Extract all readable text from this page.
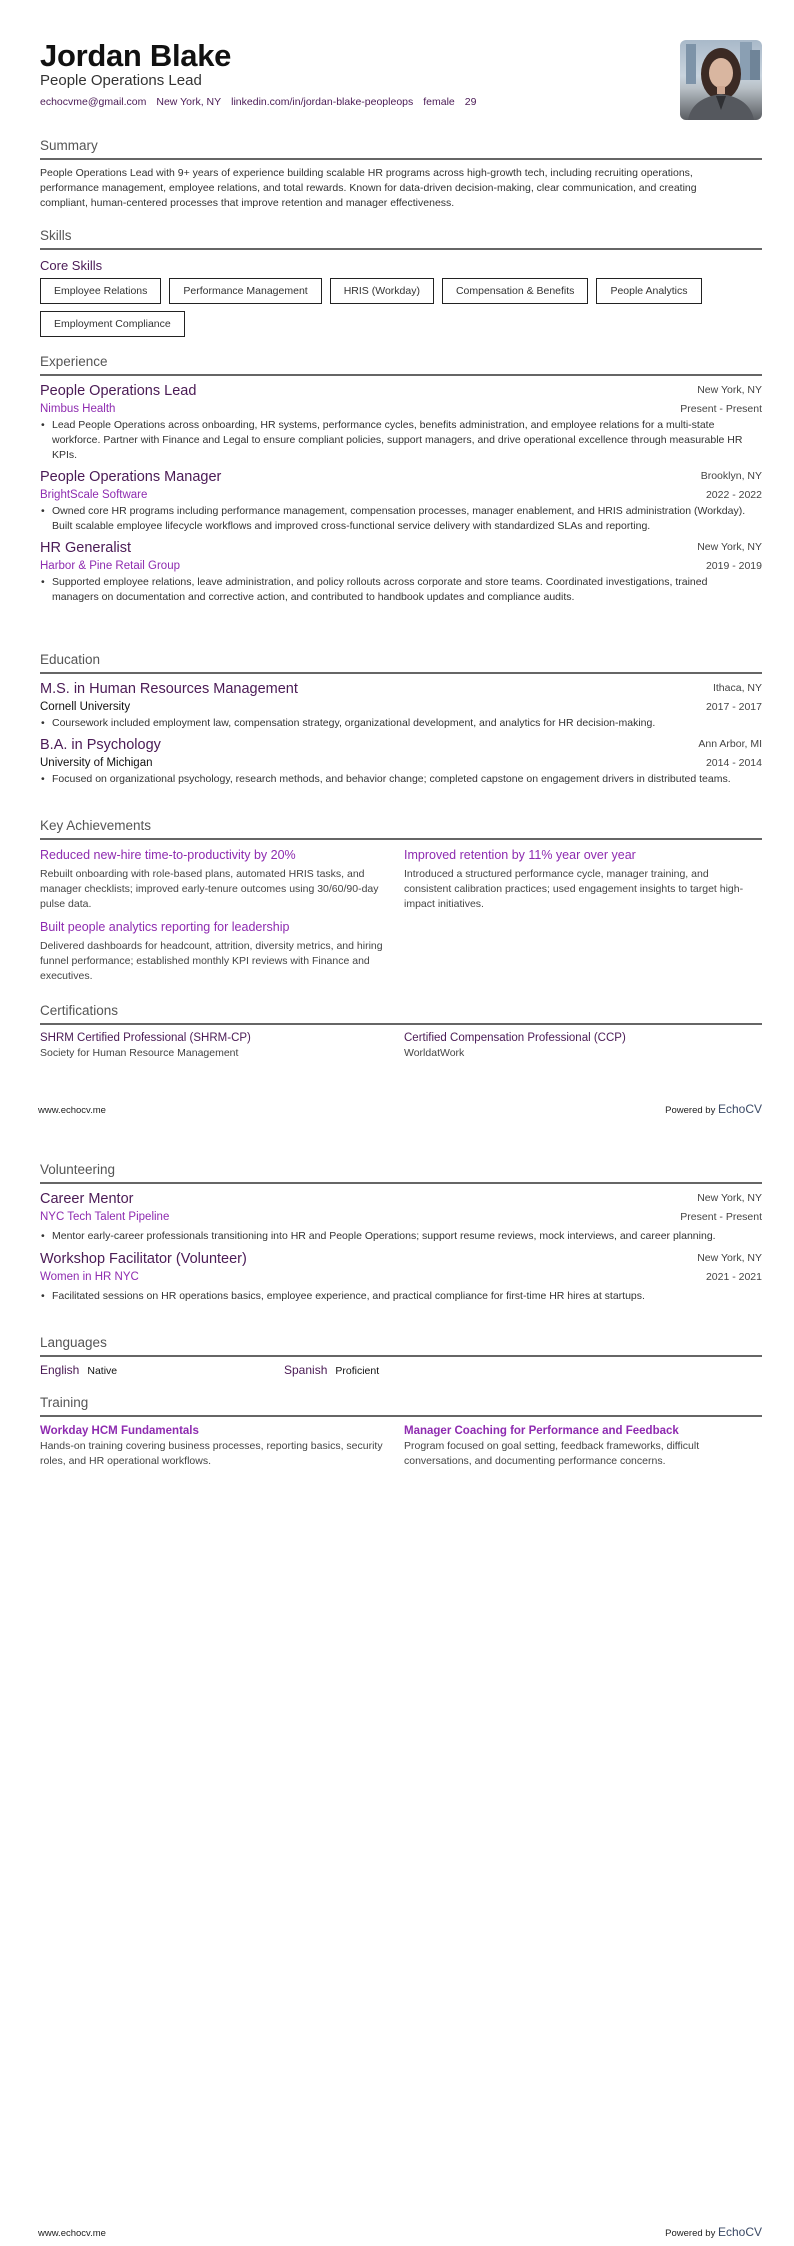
Jordan Blake
People Operations Lead
echocvme@gmail.com New York, NY linkedin.com/in/jordan-blake-peopleops female 29
Summary
People Operations Lead with 9+ years of experience building scalable HR programs across high-growth tech, including recruiting operations, performance management, employee relations, and total rewards. Known for data-driven decision-making, clear communication, and creating compliant, human-centered processes that improve retention and manager effectiveness.
Skills
Core Skills
Employee Relations	Performance Management	HRIS (Workday)	Compensation & Benefits	People Analytics
Employment Compliance
Experience
People Operations Lead	New York, NY
Nimbus Health	Present - Present
• Lead People Operations across onboarding, HR systems, performance cycles, benefits administration, and employee relations for a multi-state workforce. Partner with Finance and Legal to ensure compliant policies, support managers, and drive operational excellence through measurable HR KPIs.
People Operations Manager	Brooklyn, NY
BrightScale Software	2022 - 2022
• Owned core HR programs including performance management, compensation processes, manager enablement, and HRIS administration (Workday). Built scalable employee lifecycle workflows and improved cross-functional service delivery with standardized SLAs and reporting.
HR Generalist	New York, NY
Harbor & Pine Retail Group	2019 - 2019
• Supported employee relations, leave administration, and policy rollouts across corporate and store teams. Coordinated investigations, trained managers on documentation and corrective action, and contributed to handbook updates and compliance audits.
Education
M.S. in Human Resources Management	Ithaca, NY
Cornell University	2017 - 2017
• Coursework included employment law, compensation strategy, organizational development, and analytics for HR decision-making.
B.A. in Psychology	Ann Arbor, MI
University of Michigan	2014 - 2014
• Focused on organizational psychology, research methods, and behavior change; completed capstone on engagement drivers in distributed teams.
Key Achievements
Reduced new-hire time-to-productivity by 20%
Rebuilt onboarding with role-based plans, automated HRIS tasks, and manager checklists; improved early-tenure outcomes using 30/60/90-day pulse data.
Improved retention by 11% year over year
Introduced a structured performance cycle, manager training, and consistent calibration practices; used engagement insights to target high-impact initiatives.
Built people analytics reporting for leadership
Delivered dashboards for headcount, attrition, diversity metrics, and hiring funnel performance; established monthly KPI reviews with Finance and executives.
Certifications
SHRM Certified Professional (SHRM-CP)
Society for Human Resource Management
Certified Compensation Professional (CCP)
WorldatWork
www.echocv.me	Powered by EchoCV
Volunteering
Career Mentor	New York, NY
NYC Tech Talent Pipeline	Present - Present
• Mentor early-career professionals transitioning into HR and People Operations; support resume reviews, mock interviews, and career planning.
Workshop Facilitator (Volunteer)	New York, NY
Women in HR NYC	2021 - 2021
• Facilitated sessions on HR operations basics, employee experience, and practical compliance for first-time HR hires at startups.
Languages
English Native	Spanish Proficient
Training
Workday HCM Fundamentals
Hands-on training covering business processes, reporting basics, security roles, and HR operational workflows.
Manager Coaching for Performance and Feedback
Program focused on goal setting, feedback frameworks, difficult conversations, and documenting performance concerns.
www.echocv.me	Powered by EchoCV
